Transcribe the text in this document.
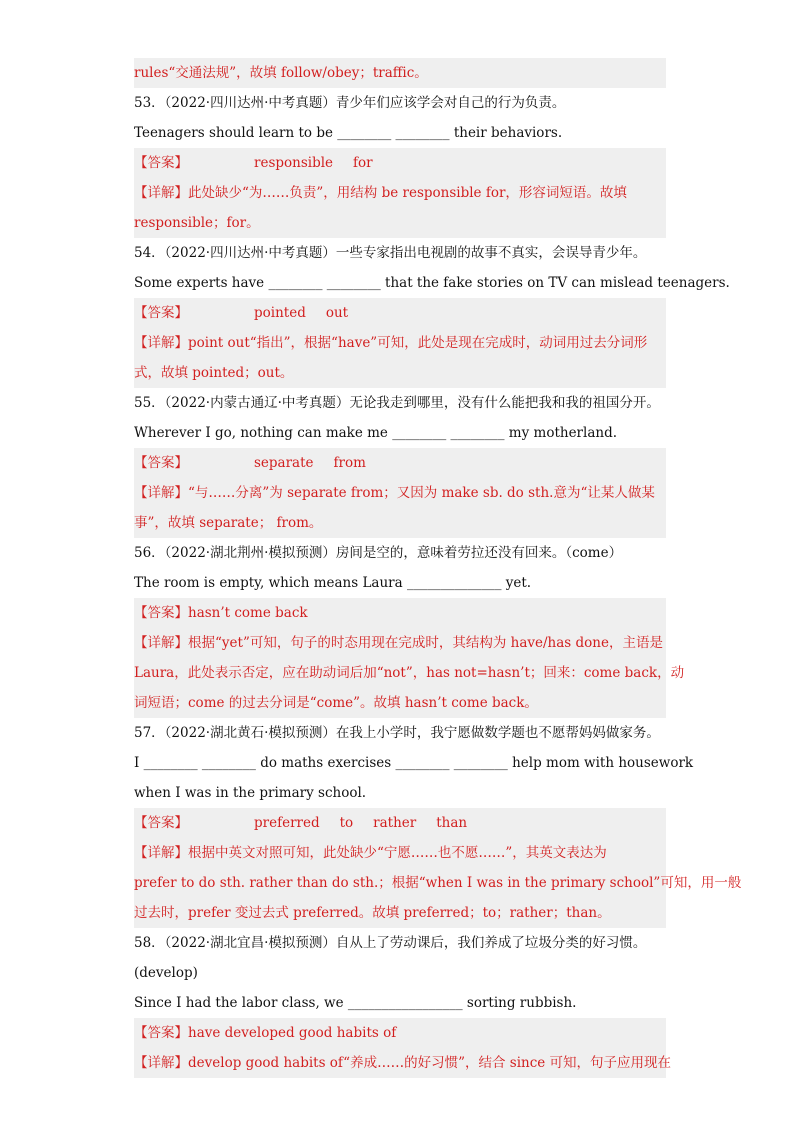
rules“交通法规”，故填 follow/obey；traffic。
53．（2022·四川达州·中考真题）青少年们应该学会对自己的行为负责。
Teenagers should learn to be ________ ________ their behaviors.
【答案】	responsible for
【详解】此处缺少“为……负责”，用结构 be responsible for，形容词短语。故填
responsible；for。
54．（2022·四川达州·中考真题）一些专家指出电视剧的故事不真实，会误导青少年。
Some experts have ________ ________ that the fake stories on TV can mislead teenagers.
【答案】	pointed out
【详解】point out“指出”，根据“have”可知，此处是现在完成时，动词用过去分词形
式，故填 pointed；out。
55．（2022·内蒙古通辽·中考真题）无论我走到哪里，没有什么能把我和我的祖国分开。
Wherever I go, nothing can make me ________ ________ my motherland.
【答案】	separate from
【详解】“与……分离”为 separate from；又因为 make sb. do sth.意为“让某人做某
事”，故填 separate； from。
56．（2022·湖北荆州·模拟预测）房间是空的，意味着劳拉还没有回来。（come）
The room is empty, which means Laura ______________ yet.
【答案】hasn’t come back
【详解】根据“yet”可知，句子的时态用现在完成时，其结构为 have/has done，主语是
Laura，此处表示否定，应在助动词后加“not”，has not=hasn’t；回来：come back，动
词短语；come 的过去分词是“come”。故填 hasn’t come back。
57．（2022·湖北黄石·模拟预测）在我上小学时，我宁愿做数学题也不愿帮妈妈做家务。
I ________ ________ do maths exercises ________ ________ help mom with housework
when I was in the primary school.
【答案】	preferred to rather than
【详解】根据中英文对照可知，此处缺少“宁愿……也不愿……”，其英文表达为
prefer to do sth. rather than do sth.；根据“when I was in the primary school”可知，用一般
过去时，prefer 变过去式 preferred。故填 preferred；to；rather；than。
58．（2022·湖北宜昌·模拟预测）自从上了劳动课后，我们养成了垃圾分类的好习惯。
(develop)
Since I had the labor class, we _________________ sorting rubbish.
【答案】have developed good habits of
【详解】develop good habits of“养成……的好习惯”，结合 since 可知，句子应用现在
